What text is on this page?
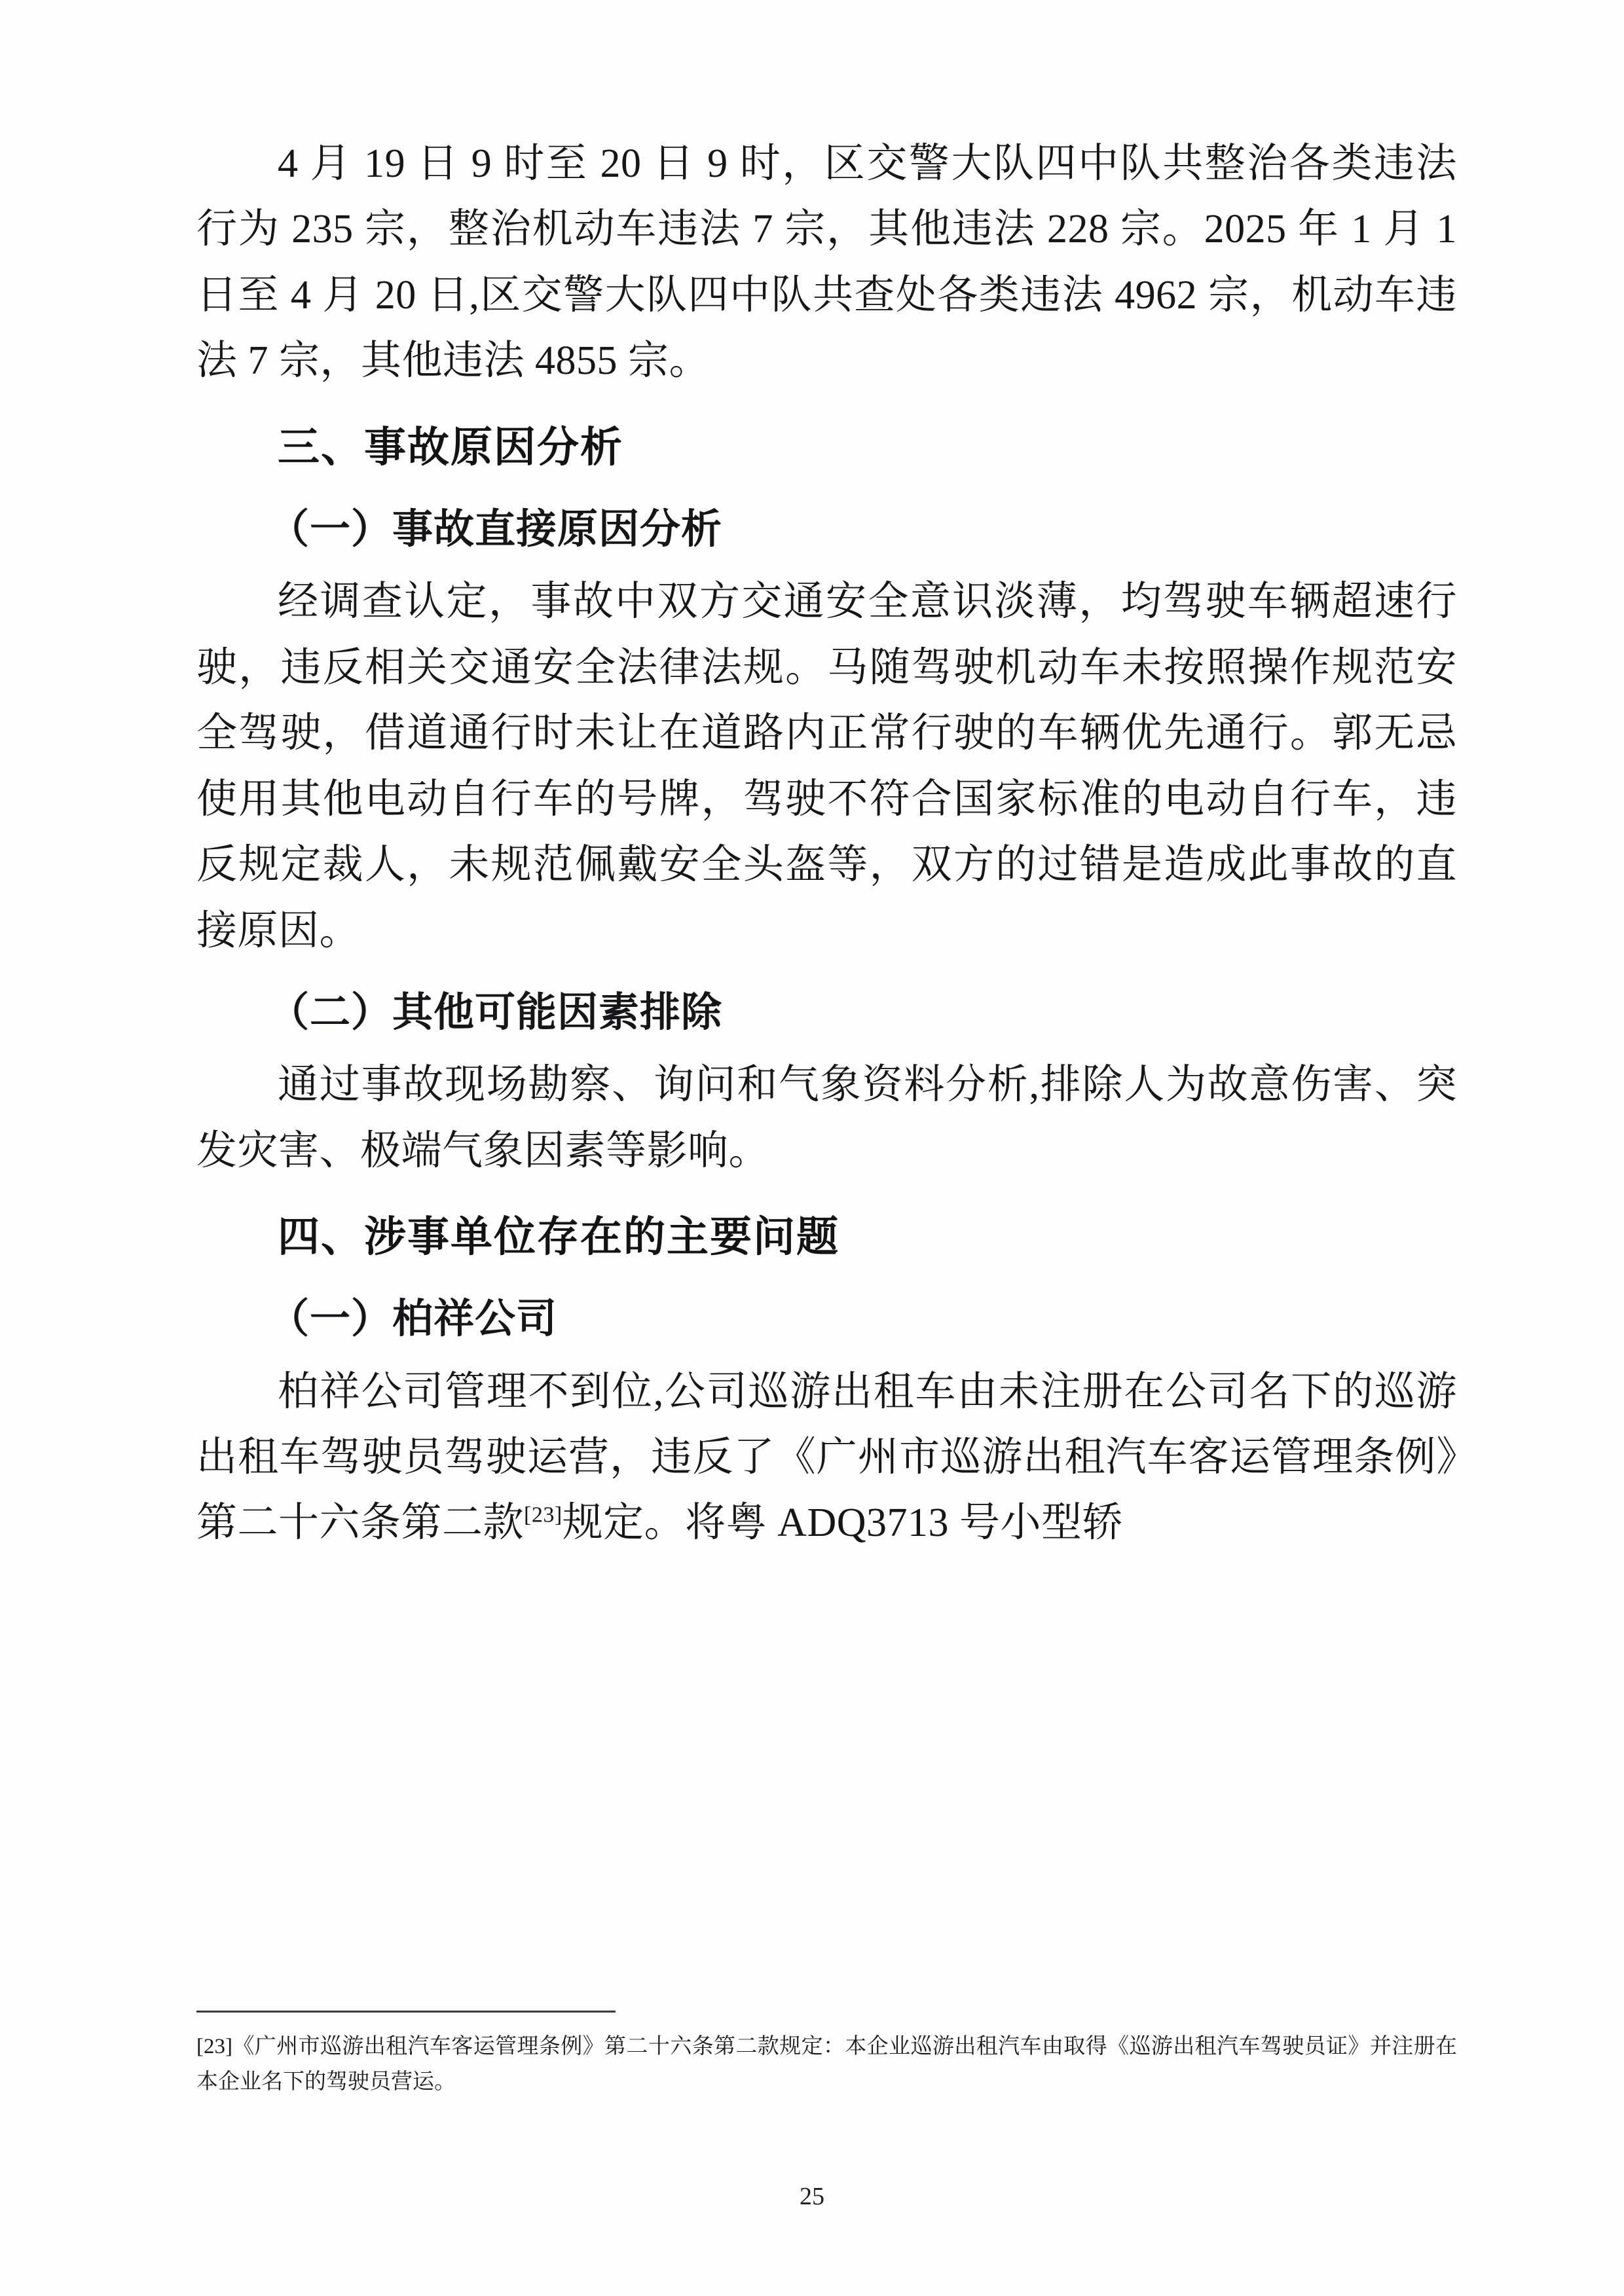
4 月 19 日 9 时至 20 日 9 时，区交警大队四中队共整治各类违法行为 235 宗，整治机动车违法 7 宗，其他违法 228 宗。2025 年 1 月 1 日至 4 月 20 日,区交警大队四中队共查处各类违法 4962 宗，机动车违法 7 宗，其他违法 4855 宗。

三、事故原因分析
（一）事故直接原因分析

经调查认定，事故中双方交通安全意识淡薄，均驾驶车辆超速行驶，违反相关交通安全法律法规。马随驾驶机动车未按照操作规范安全驾驶，借道通行时未让在道路内正常行驶的车辆优先通行。郭无忌使用其他电动自行车的号牌，驾驶不符合国家标准的电动自行车，违反规定裁人，未规范佩戴安全头盔等，双方的过错是造成此事故的直接原因。

（二）其他可能因素排除

通过事故现场勘察、询问和气象资料分析,排除人为故意伤害、突发灾害、极端气象因素等影响。

四、涉事单位存在的主要问题
（一）柏祥公司

柏祥公司管理不到位,公司巡游出租车由未注册在公司名下的巡游出租车驾驶员驾驶运营，违反了《广州市巡游出租汽车客运管理条例》第二十六条第二款[23]规定。将粤 ADQ3713 号小型轿

[23]《广州市巡游出租汽车客运管理条例》第二十六条第二款规定：本企业巡游出租汽车由取得《巡游出租汽车驾驶员证》并注册在本企业名下的驾驶员营运。

25
